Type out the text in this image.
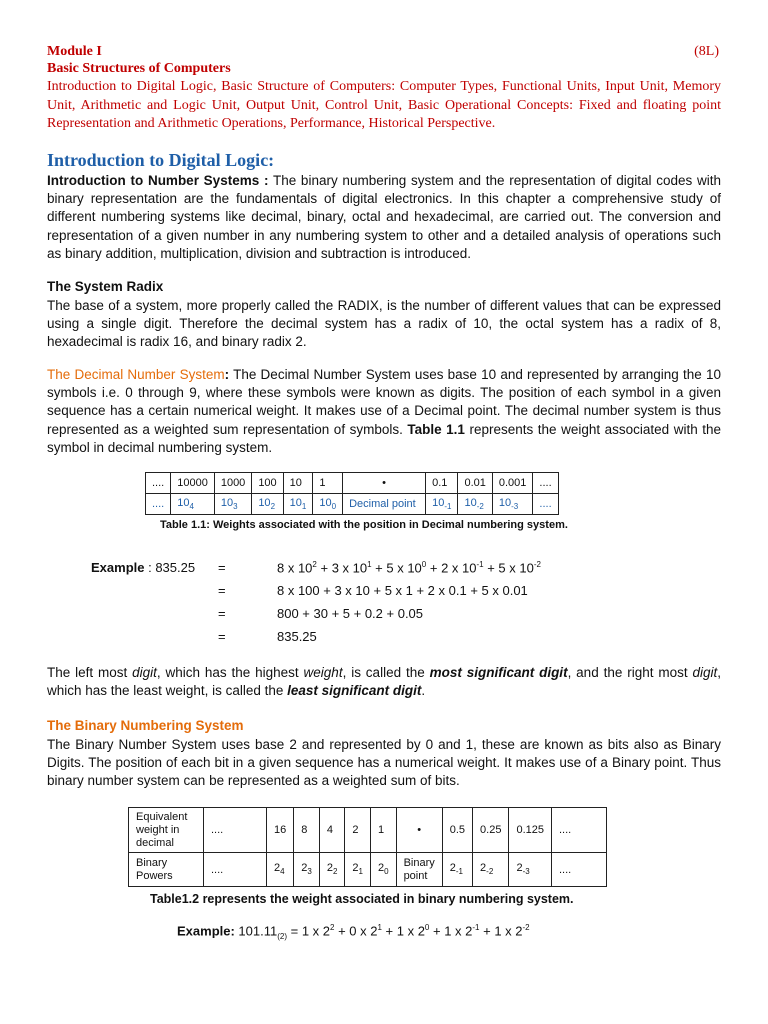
Module I	(8L)
Basic Structures of Computers
Introduction to Digital Logic, Basic Structure of Computers: Computer Types, Functional Units, Input Unit, Memory Unit, Arithmetic and Logic Unit, Output Unit, Control Unit, Basic Operational Concepts: Fixed and floating point Representation and Arithmetic Operations, Performance, Historical Perspective.
Introduction to Digital Logic:
Introduction to Number Systems : The binary numbering system and the representation of digital codes with binary representation are the fundamentals of digital electronics. In this chapter a comprehensive study of different numbering systems like decimal, binary, octal and hexadecimal, are carried out. The conversion and representation of a given number in any numbering system to other and a detailed analysis of operations such as binary addition, multiplication, division and subtraction is introduced.
The System Radix
The base of a system, more properly called the RADIX, is the number of different values that can be expressed using a single digit. Therefore the decimal system has a radix of 10, the octal system has a radix of 8, hexadecimal is radix 16, and binary radix 2.
The Decimal Number System: The Decimal Number System uses base 10 and represented by arranging the 10 symbols i.e. 0 through 9, where these symbols were known as digits. The position of each symbol in a given sequence has a certain numerical weight. It makes use of a Decimal point. The decimal number system is thus represented as a weighted sum representation of symbols. Table 1.1 represents the weight associated with the symbol in decimal numbering system.
....	10000	1000	100	10	1	•	0.1	0.01	0.001	....
....	$10_4$	$10_3$	$10_2$	$10_1$	$10_0$	Decimal point	$10_{-1}$	$10_{-2}$	$10_{-3}$	....
Table 1.1: Weights associated with the position in Decimal numbering system.
Example : 835.25 =	8 x $10^2 + 3$ x $10^1 + 5$ x $10^0 + 2$ x $10^{-1} + 5$ x $10^{-2}$
=	8 x 100 + 3 x 10 + 5 x 1 + 2 x 0.1 + 5 x 0.01
=	800 + 30 + 5 + 0.2 + 0.05
=	835.25
The left most digit, which has the highest weight, is called the most significant digit, and the right most digit, which has the least weight, is called the least significant digit.
The Binary Numbering System
The Binary Number System uses base 2 and represented by 0 and 1, these are known as bits also as Binary Digits. The position of each bit in a given sequence has a numerical weight. It makes use of a Binary point. Thus binary number system can be represented as a weighted sum of bits.
Equivalent weight in decimal	....	16	8	4	2	1	•	0.5	0.25	0.125	....
Binary Powers	....	$2_4$	$2_3$	$2_2$	$2_1$	$2_0$	Binary point	$2_{-1}$	$2_{-2}$	$2_{-3}$	....
Table1.2 represents the weight associated in binary numbering system.
Example: $101.11_{(2)} = 1$ x $2^2 + 0$ x $2^1 + 1$ x $2^0 + 1$ x $2^{-1} + 1$ x $2^{-2}$
